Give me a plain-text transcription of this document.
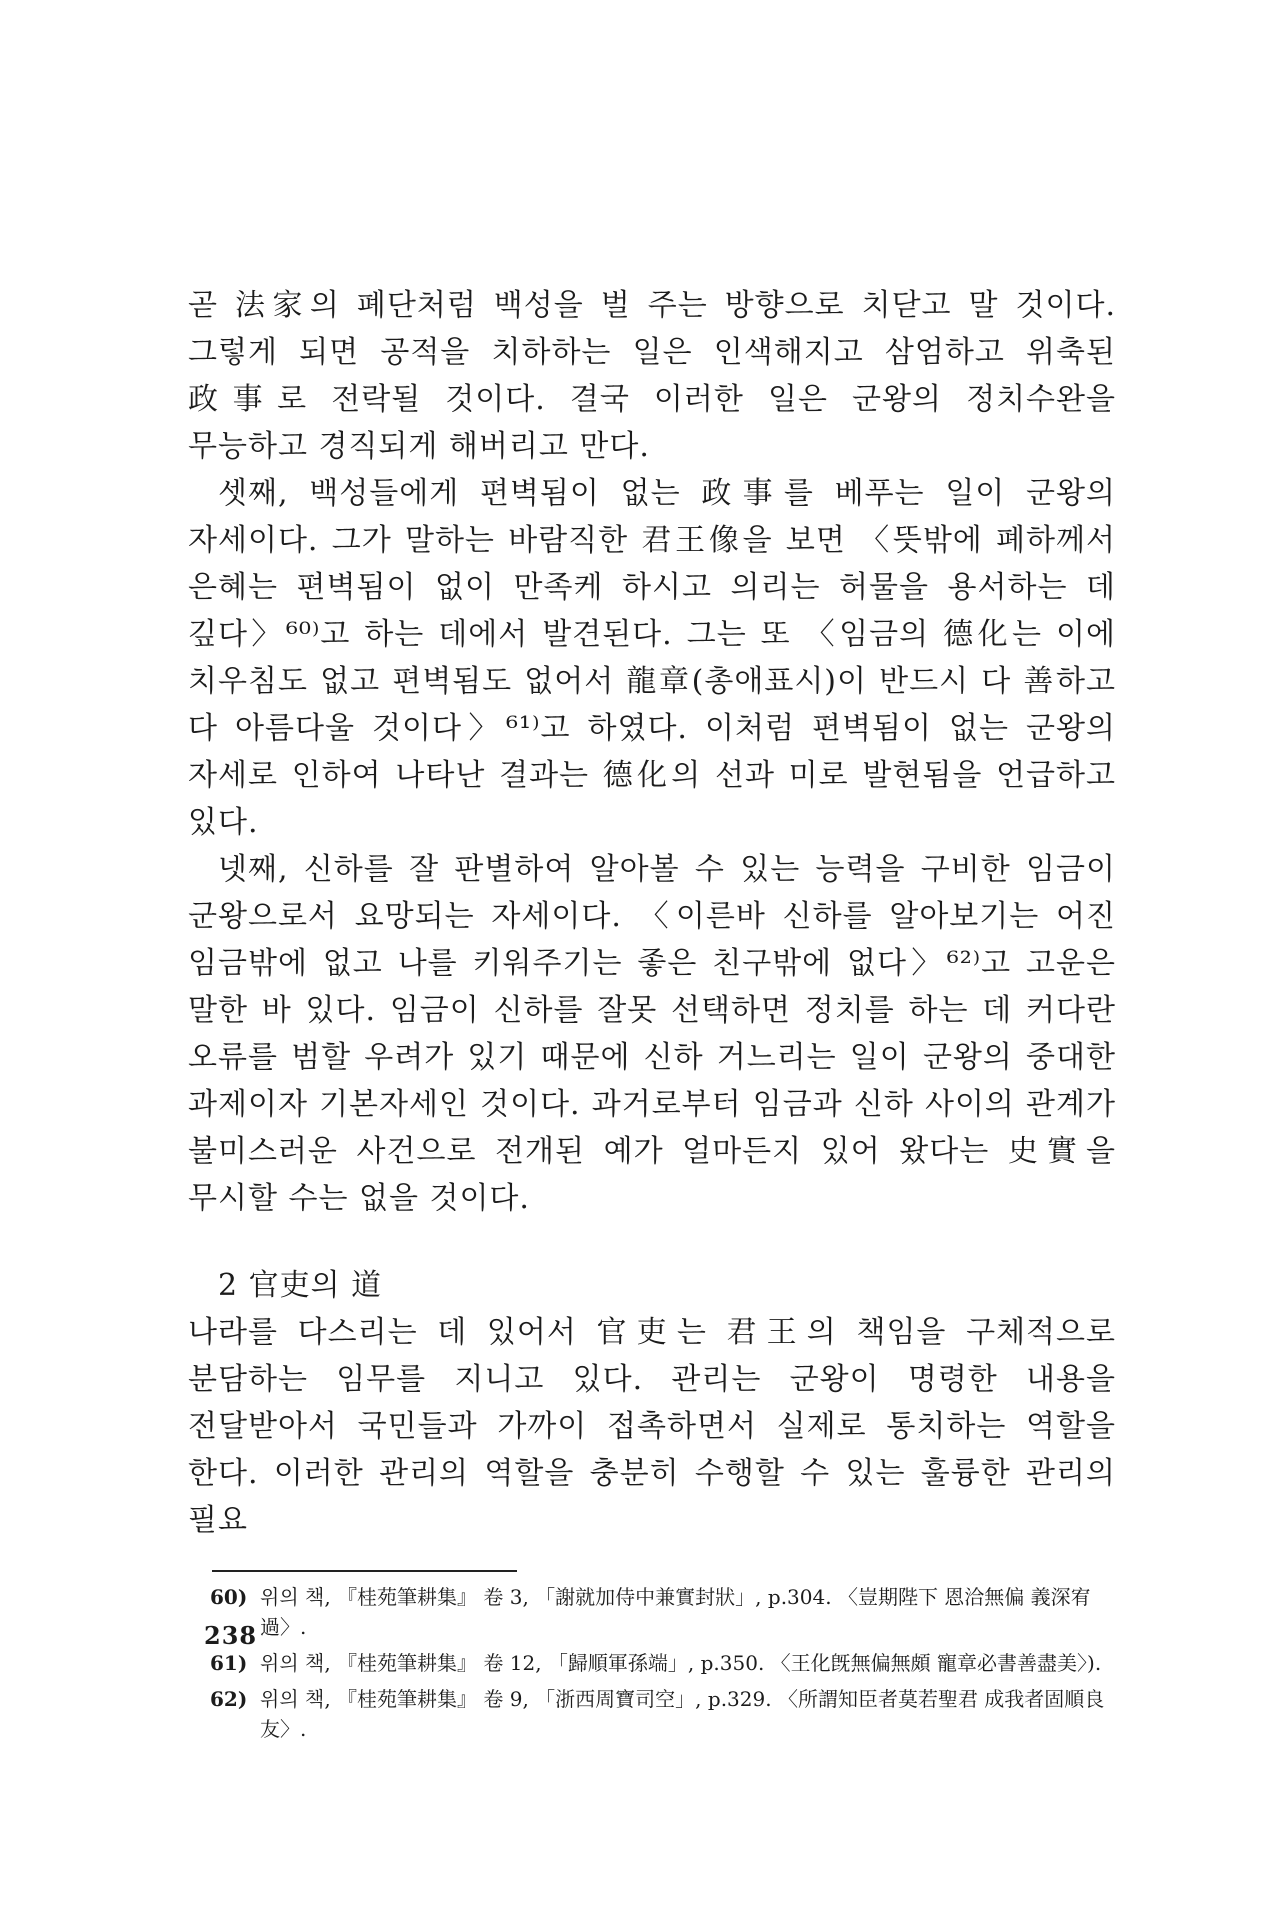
곧 法家의 폐단처럼 백성을 벌 주는 방향으로 치닫고 말 것이다. 그렇게 되면 공적을 치하하는 일은 인색해지고 삼엄하고 위축된 政事로 전락될 것이다. 결국 이러한 일은 군왕의 정치수완을 무능하고 경직되게 해버리고 만다.

셋째, 백성들에게 편벽됨이 없는 政事를 베푸는 일이 군왕의 자세이다. 그가 말하는 바람직한 君王像을 보면 〈뜻밖에 폐하께서 은혜는 편벽됨이 없이 만족케 하시고 의리는 허물을 용서하는 데 깊다〉⁶⁰⁾고 하는 데에서 발견된다. 그는 또 〈임금의 德化는 이에 치우침도 없고 편벽됨도 없어서 龍章(총애표시)이 반드시 다 善하고 다 아름다울 것이다〉⁶¹⁾고 하였다. 이처럼 편벽됨이 없는 군왕의 자세로 인하여 나타난 결과는 德化의 선과 미로 발현됨을 언급하고 있다.

넷째, 신하를 잘 판별하여 알아볼 수 있는 능력을 구비한 임금이 군왕으로서 요망되는 자세이다. 〈이른바 신하를 알아보기는 어진 임금밖에 없고 나를 키워주기는 좋은 친구밖에 없다〉⁶²⁾고 고운은 말한 바 있다. 임금이 신하를 잘못 선택하면 정치를 하는 데 커다란 오류를 범할 우려가 있기 때문에 신하 거느리는 일이 군왕의 중대한 과제이자 기본자세인 것이다. 과거로부터 임금과 신하 사이의 관계가 불미스러운 사건으로 전개된 예가 얼마든지 있어 왔다는 史實을 무시할 수는 없을 것이다.

2 官吏의 道

나라를 다스리는 데 있어서 官吏는 君王의 책임을 구체적으로 분담하는 임무를 지니고 있다. 관리는 군왕이 명령한 내용을 전달받아서 국민들과 가까이 접촉하면서 실제로 통치하는 역할을 한다. 이러한 관리의 역할을 충분히 수행할 수 있는 훌륭한 관리의 필요

60) 위의 책, 『桂苑筆耕集』 卷 3, 「謝就加侍中兼實封狀」, p.304. 〈豈期陛下 恩洽無偏 義深宥過〉.
61) 위의 책, 『桂苑筆耕集』 卷 12, 「歸順軍孫端」, p.350. 〈王化旣無偏無頗 寵章必書善盡美〉).
62) 위의 책, 『桂苑筆耕集』 卷 9, 「浙西周寶司空」, p.329. 〈所謂知臣者莫若聖君 成我者固順良友〉.
238
